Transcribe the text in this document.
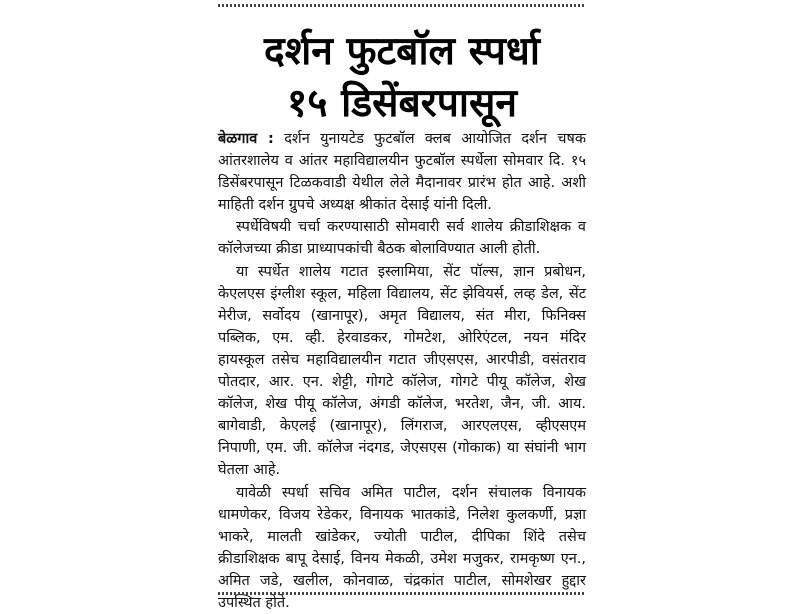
दर्शन फुटबॉल स्पर्धा
१५ डिसेंबरपासून

बेळगाव : दर्शन युनायटेड फुटबॉल क्लब आयोजित दर्शन चषक आंतरशालेय व आंतर महाविद्यालयीन फुटबॉल स्पर्धेला सोमवार दि. १५ डिसेंबरपासून टिळकवाडी येथील लेले मैदानावर प्रारंभ होत आहे. अशी माहिती दर्शन ग्रुपचे अध्यक्ष श्रीकांत देसाई यांनी दिली.

स्पर्धेविषयी चर्चा करण्यासाठी सोमवारी सर्व शालेय क्रीडाशिक्षक व कॉलेजच्या क्रीडा प्राध्यापकांची बैठक बोलाविण्यात आली होती.

या स्पर्धेत शालेय गटात इस्लामिया, सेंट पॉल्स, ज्ञान प्रबोधन, केएलएस इंग्लीश स्कूल, महिला विद्यालय, सेंट झेवियर्स, लव्ह डेल, सेंट मेरीज, सर्वोदय (खानापूर), अमृत विद्यालय, संत मीरा, फिनिक्स पब्लिक, एम. व्ही. हेरवाडकर, गोमटेश, ओरिएंटल, नयन मंदिर हायस्कूल तसेच महाविद्यालयीन गटात जीएसएस, आरपीडी, वसंतराव पोतदार, आर. एन. शेट्टी, गोगटे कॉलेज, गोगटे पीयू कॉलेज, शेख कॉलेज, शेख पीयू कॉलेज, अंगडी कॉलेज, भरतेश, जैन, जी. आय. बागेवाडी, केएलई (खानापूर), लिंगराज, आरएलएस, व्हीएसएम निपाणी, एम. जी. कॉलेज नंदगड, जेएसएस (गोकाक) या संघांनी भाग घेतला आहे.

यावेळी स्पर्धा सचिव अमित पाटील, दर्शन संचालक विनायक धामणेकर, विजय रेडेकर, विनायक भातकांडे, निलेश कुलकर्णी, प्रज्ञा भाकरे, मालती खांडेकर, ज्योती पाटील, दीपिका शिंदे तसेच क्रीडाशिक्षक बापू देसाई, विनय मेकळी, उमेश मजुकर, रामकृष्ण एन., अमित जडे, खलील, कोनवाळ, चंद्रकांत पाटील, सोमशेखर हुद्दार उपस्थित होते.
